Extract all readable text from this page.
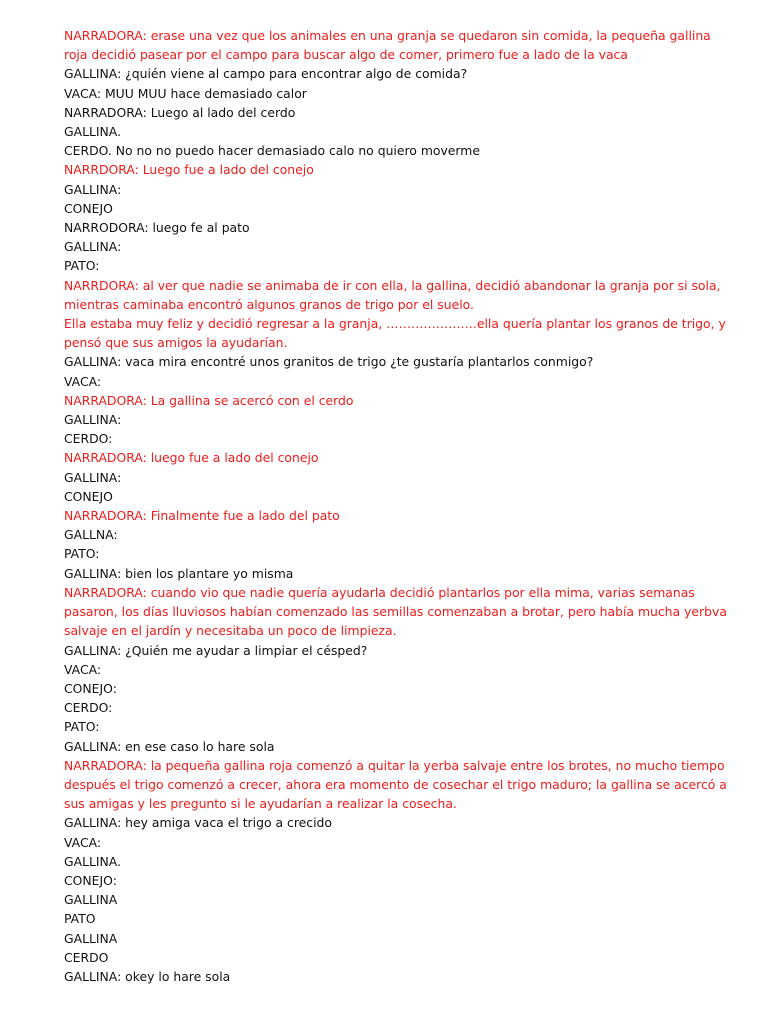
NARRADORA: erase una vez que los animales en una granja se quedaron sin comida, la pequeña gallina
roja decidió pasear por el campo para buscar algo de comer, primero fue a lado de la vaca
GALLINA: ¿quién viene al campo para encontrar algo de comida?
VACA: MUU MUU hace demasiado calor
NARRADORA: Luego al lado del cerdo
GALLINA.
CERDO. No no no puedo hacer demasiado calo no quiero moverme
NARRDORA: Luego fue a lado del conejo
GALLINA:
CONEJO
NARRODORA: luego fe al pato
GALLINA:
PATO:
NARRDORA: al ver que nadie se animaba de ir con ella, la gallina, decidió abandonar la granja por si sola,
mientras caminaba encontró algunos granos de trigo por el suelo.
Ella estaba muy feliz y decidió regresar a la granja, ………………….ella quería plantar los granos de trigo, y
pensó que sus amigos la ayudarían.
GALLINA: vaca mira encontré unos granitos de trigo ¿te gustaría plantarlos conmigo?
VACA:
NARRADORA: La gallina se acercó con el cerdo
GALLINA:
CERDO:
NARRADORA: luego fue a lado del conejo
GALLINA:
CONEJO
NARRADORA: Finalmente fue a lado del pato
GALLNA:
PATO:
GALLINA: bien los plantare yo misma
NARRADORA: cuando vio que nadie quería ayudarla decidió plantarlos por ella mima, varias semanas
pasaron, los días lluviosos habían comenzado las semillas comenzaban a brotar, pero había mucha yerbva
salvaje en el jardín y necesitaba un poco de limpieza.
GALLINA: ¿Quién me ayudar a limpiar el césped?
VACA:
CONEJO:
CERDO:
PATO:
GALLINA: en ese caso lo hare sola
NARRADORA: la pequeña gallina roja comenzó a quitar la yerba salvaje entre los brotes, no mucho tiempo
después el trigo comenzó a crecer, ahora era momento de cosechar el trigo maduro; la gallina se acercó a
sus amigas y les pregunto si le ayudarían a realizar la cosecha.
GALLINA: hey amiga vaca el trigo a crecido
VACA:
GALLINA.
CONEJO:
GALLINA
PATO
GALLINA
CERDO
GALLINA: okey lo hare sola
